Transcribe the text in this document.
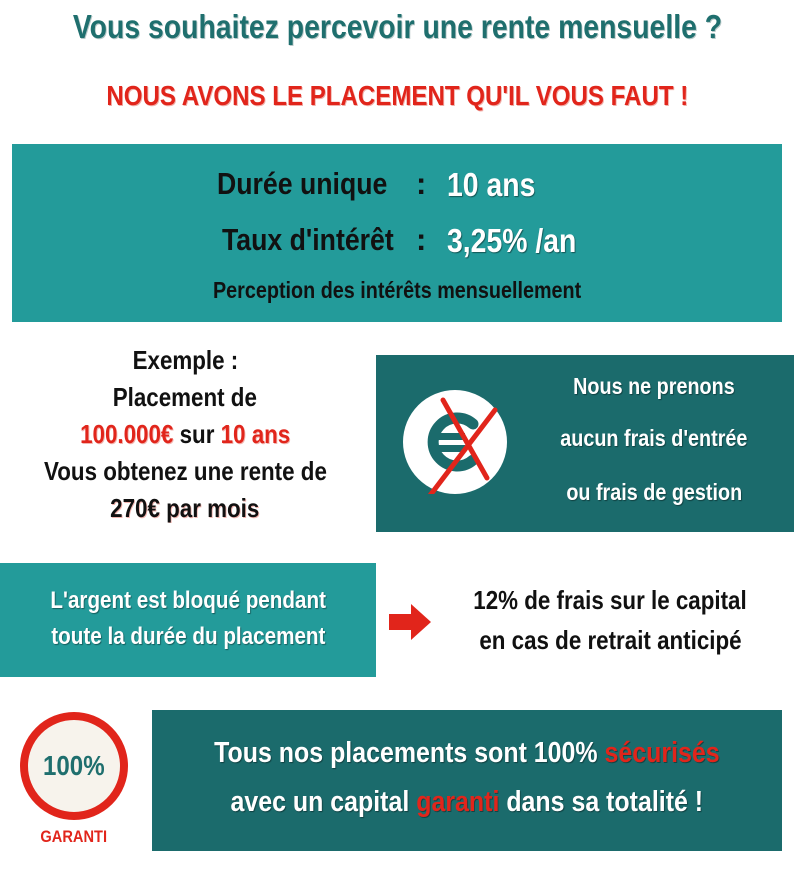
Vous souhaitez percevoir une rente mensuelle ?
NOUS AVONS LE PLACEMENT QU'IL VOUS FAUT !
Durée unique : 10 ans
Taux d'intérêt : 3,25% /an
Perception des intérêts mensuellement
Exemple :
Placement de
100.000€ sur 10 ans
Vous obtenez une rente de
270€ par mois
Nous ne prenons
aucun frais d'entrée
ou frais de gestion
L'argent est bloqué pendant
toute la durée du placement
12% de frais sur le capital
en cas de retrait anticipé
100%
GARANTI
Tous nos placements sont 100% sécurisés
avec un capital garanti dans sa totalité !
